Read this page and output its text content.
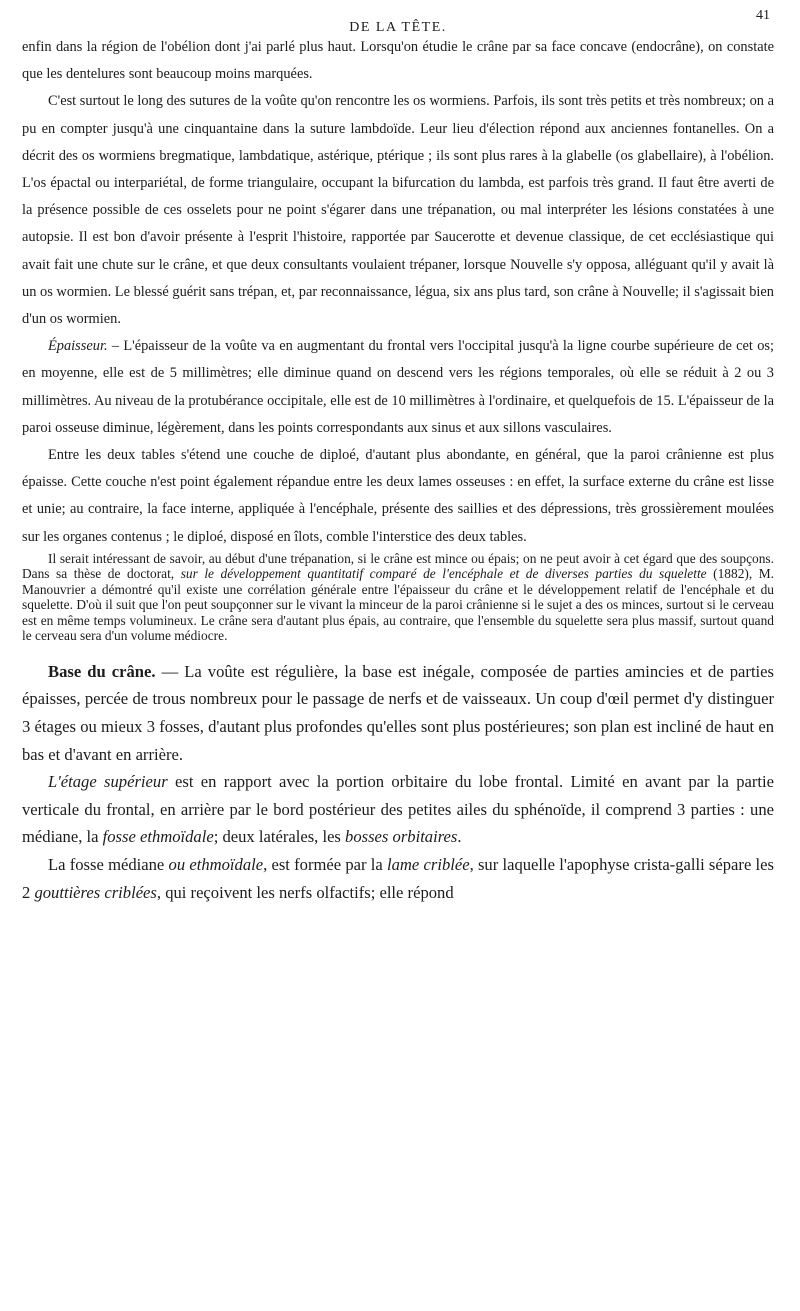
DE LA TÊTE.
41

enfin dans la région de l'obélion dont j'ai parlé plus haut. Lorsqu'on étudie le crâne par sa face concave (endocrâne), on constate que les dentelures sont beaucoup moins marquées.

C'est surtout le long des sutures de la voûte qu'on rencontre les os wormiens. Parfois, ils sont très petits et très nombreux; on a pu en compter jusqu'à une cinquantaine dans la suture lambdoïde. Leur lieu d'élection répond aux anciennes fontanelles. On a décrit des os wormiens bregmatique, lambdatique, astérique, ptérique ; ils sont plus rares à la glabelle (os glabellaire), à l'obélion. L'os épactal ou interpariétal, de forme triangulaire, occupant la bifurcation du lambda, est parfois très grand. Il faut être averti de la présence possible de ces osselets pour ne point s'égarer dans une trépanation, ou mal interpréter les lésions constatées à une autopsie. Il est bon d'avoir présente à l'esprit l'histoire, rapportée par Saucerotte et devenue classique, de cet ecclésiastique qui avait fait une chute sur le crâne, et que deux consultants voulaient trépaner, lorsque Nouvelle s'y opposa, alléguant qu'il y avait là un os wormien. Le blessé guérit sans trépan, et, par reconnaissance, légua, six ans plus tard, son crâne à Nouvelle; il s'agissait bien d'un os wormien.

Épaisseur. – L'épaisseur de la voûte va en augmentant du frontal vers l'occipital jusqu'à la ligne courbe supérieure de cet os; en moyenne, elle est de 5 millimètres; elle diminue quand on descend vers les régions temporales, où elle se réduit à 2 ou 3 millimètres. Au niveau de la protubérance occipitale, elle est de 10 millimètres à l'ordinaire, et quelquefois de 15. L'épaisseur de la paroi osseuse diminue, légèrement, dans les points correspondants aux sinus et aux sillons vasculaires.

Entre les deux tables s'étend une couche de diploé, d'autant plus abondante, en général, que la paroi crânienne est plus épaisse. Cette couche n'est point également répandue entre les deux lames osseuses : en effet, la surface externe du crâne est lisse et unie; au contraire, la face interne, appliquée à l'encéphale, présente des saillies et des dépressions, très grossièrement moulées sur les organes contenus ; le diploé, disposé en îlots, comble l'interstice des deux tables.

Il serait intéressant de savoir, au début d'une trépanation, si le crâne est mince ou épais; on ne peut avoir à cet égard que des soupçons. Dans sa thèse de doctorat, sur le développement quantitatif comparé de l'encéphale et de diverses parties du squelette (1882), M. Manouvrier a démontré qu'il existe une corrélation générale entre l'épaisseur du crâne et le développement relatif de l'encéphale et du squelette. D'où il suit que l'on peut soupçonner sur le vivant la minceur de la paroi crânienne si le sujet a des os minces, surtout si le cerveau est en même temps volumineux. Le crâne sera d'autant plus épais, au contraire, que l'ensemble du squelette sera plus massif, surtout quand le cerveau sera d'un volume médiocre.

Base du crâne. — La voûte est régulière, la base est inégale, composée de parties amincies et de parties épaisses, percée de trous nombreux pour le passage de nerfs et de vaisseaux. Un coup d'œil permet d'y distinguer 3 étages ou mieux 3 fosses, d'autant plus profondes qu'elles sont plus postérieures; son plan est incliné de haut en bas et d'avant en arrière.

L'étage supérieur est en rapport avec la portion orbitaire du lobe frontal. Limité en avant par la partie verticale du frontal, en arrière par le bord postérieur des petites ailes du sphénoïde, il comprend 3 parties : une médiane, la fosse ethmoïdale; deux latérales, les bosses orbitaires.

La fosse médiane ou ethmoïdale, est formée par la lame criblée, sur laquelle l'apophyse crista-galli sépare les 2 gouttières criblées, qui reçoivent les nerfs olfactifs; elle répond
